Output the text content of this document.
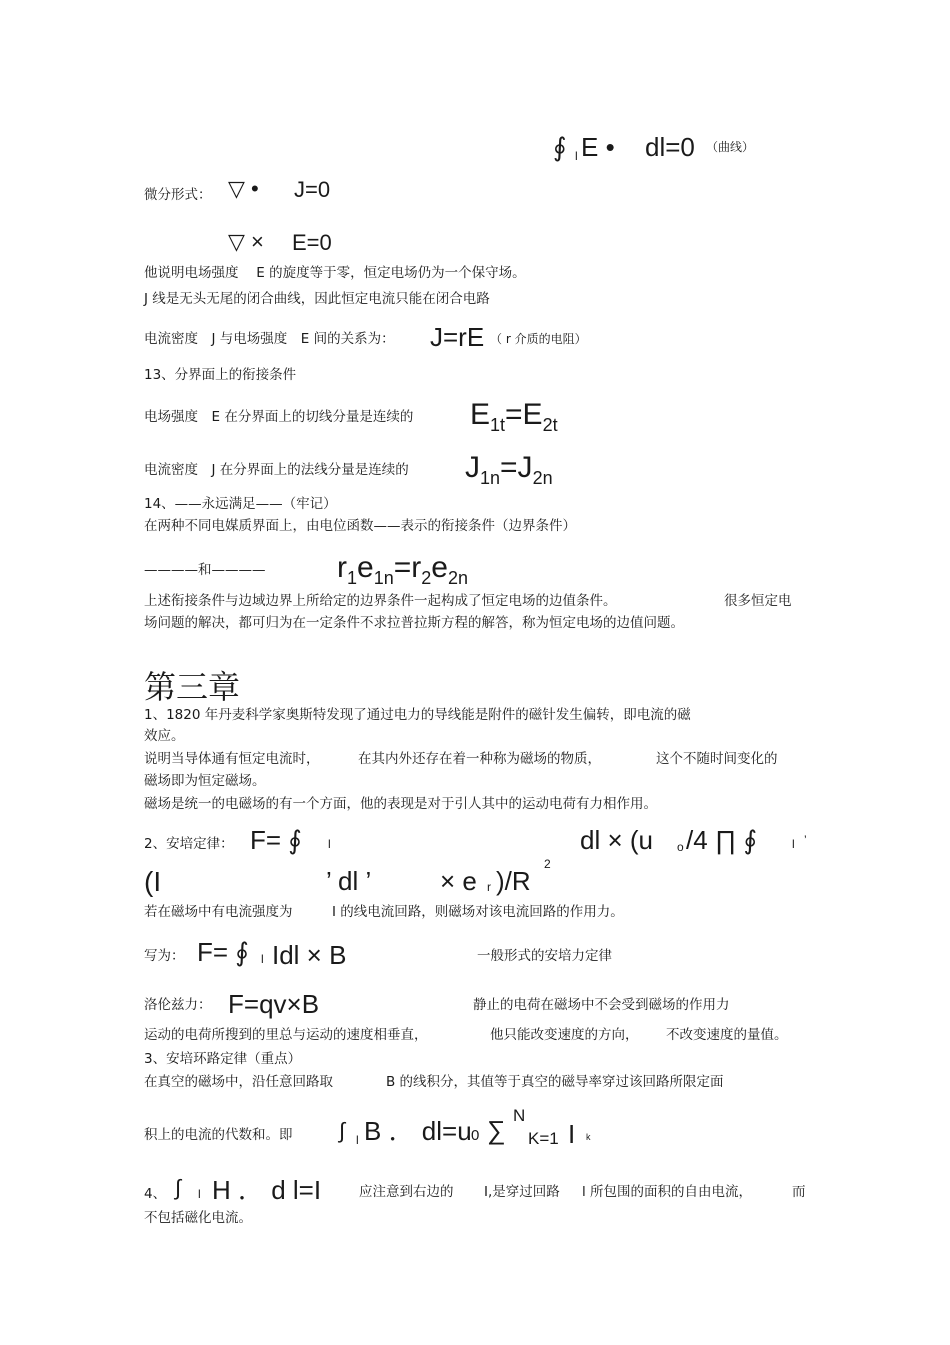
∮ l E • dl=0 （曲线）
微分形式： ▽ • J=0
▽ × E=0
他说明电场强度　 E 的旋度等于零，恒定电场仍为一个保守场。
J 线是无头无尾的闭合曲线，因此恒定电流只能在闭合电路
电流密度　J 与电场强度　E 间的关系为： J=rE （ r 介质的电阻）
13、分界面上的衔接条件
电场强度　E 在分界面上的切线分量是连续的 $E_{1t}=E_{2t}$
电流密度　J 在分界面上的法线分量是连续的 $J_{1n}=J_{2n}$
14、——永远满足——（牢记）
在两种不同电媒质界面上，由电位函数——表示的衔接条件（边界条件）
————和———— $r_1e_{1n}=r_2e_{2n}$
上述衔接条件与边域边界上所给定的边界条件一起构成了恒定电场的边值条件。	很多恒定电
场问题的解决，都可归为在一定条件不求拉普拉斯方程的解答，称为恒定电场的边值问题。
第三章
1、1820 年丹麦科学家奥斯特发现了通过电力的导线能是附件的磁针发生偏转，即电流的磁
效应。
说明当导体通有恒定电流时，	在其内外还存在着一种称为磁场的物质，	这个不随时间变化的
磁场即为恒定磁场。
磁场是统一的电磁场的有一个方面，他的表现是对于引人其中的运动电荷有力相作用。
2、安培定律： F= ∮ l	dl × (u o /4 ∏ ∮	l ’
(I	’ dl ’	× e r )/R
2
若在磁场中有电流强度为	I 的线电流回路，则磁场对该电流回路的作用力。
写为： F= ∮ l Idl × B	一般形式的安培力定律
洛伦兹力： F=qv×B	静止的电荷在磁场中不会受到磁场的作用力
运动的电荷所搜到的里总与运动的速度相垂直，	他只能改变速度的方向， 不改变速度的量值。
3、安培环路定律（重点）
在真空的磁场中，沿任意回路取	B 的线积分，其值等于真空的磁导率穿过该回路所限定面
积上的电流的代数和。即 ∫ l B ． dl=u 0 ∑ N
K=1 I k
4、 ∫ l H ． d l=I	应注意到右边的 I,是穿过回路 l 所包围的面积的自由电流，	而
不包括磁化电流。
